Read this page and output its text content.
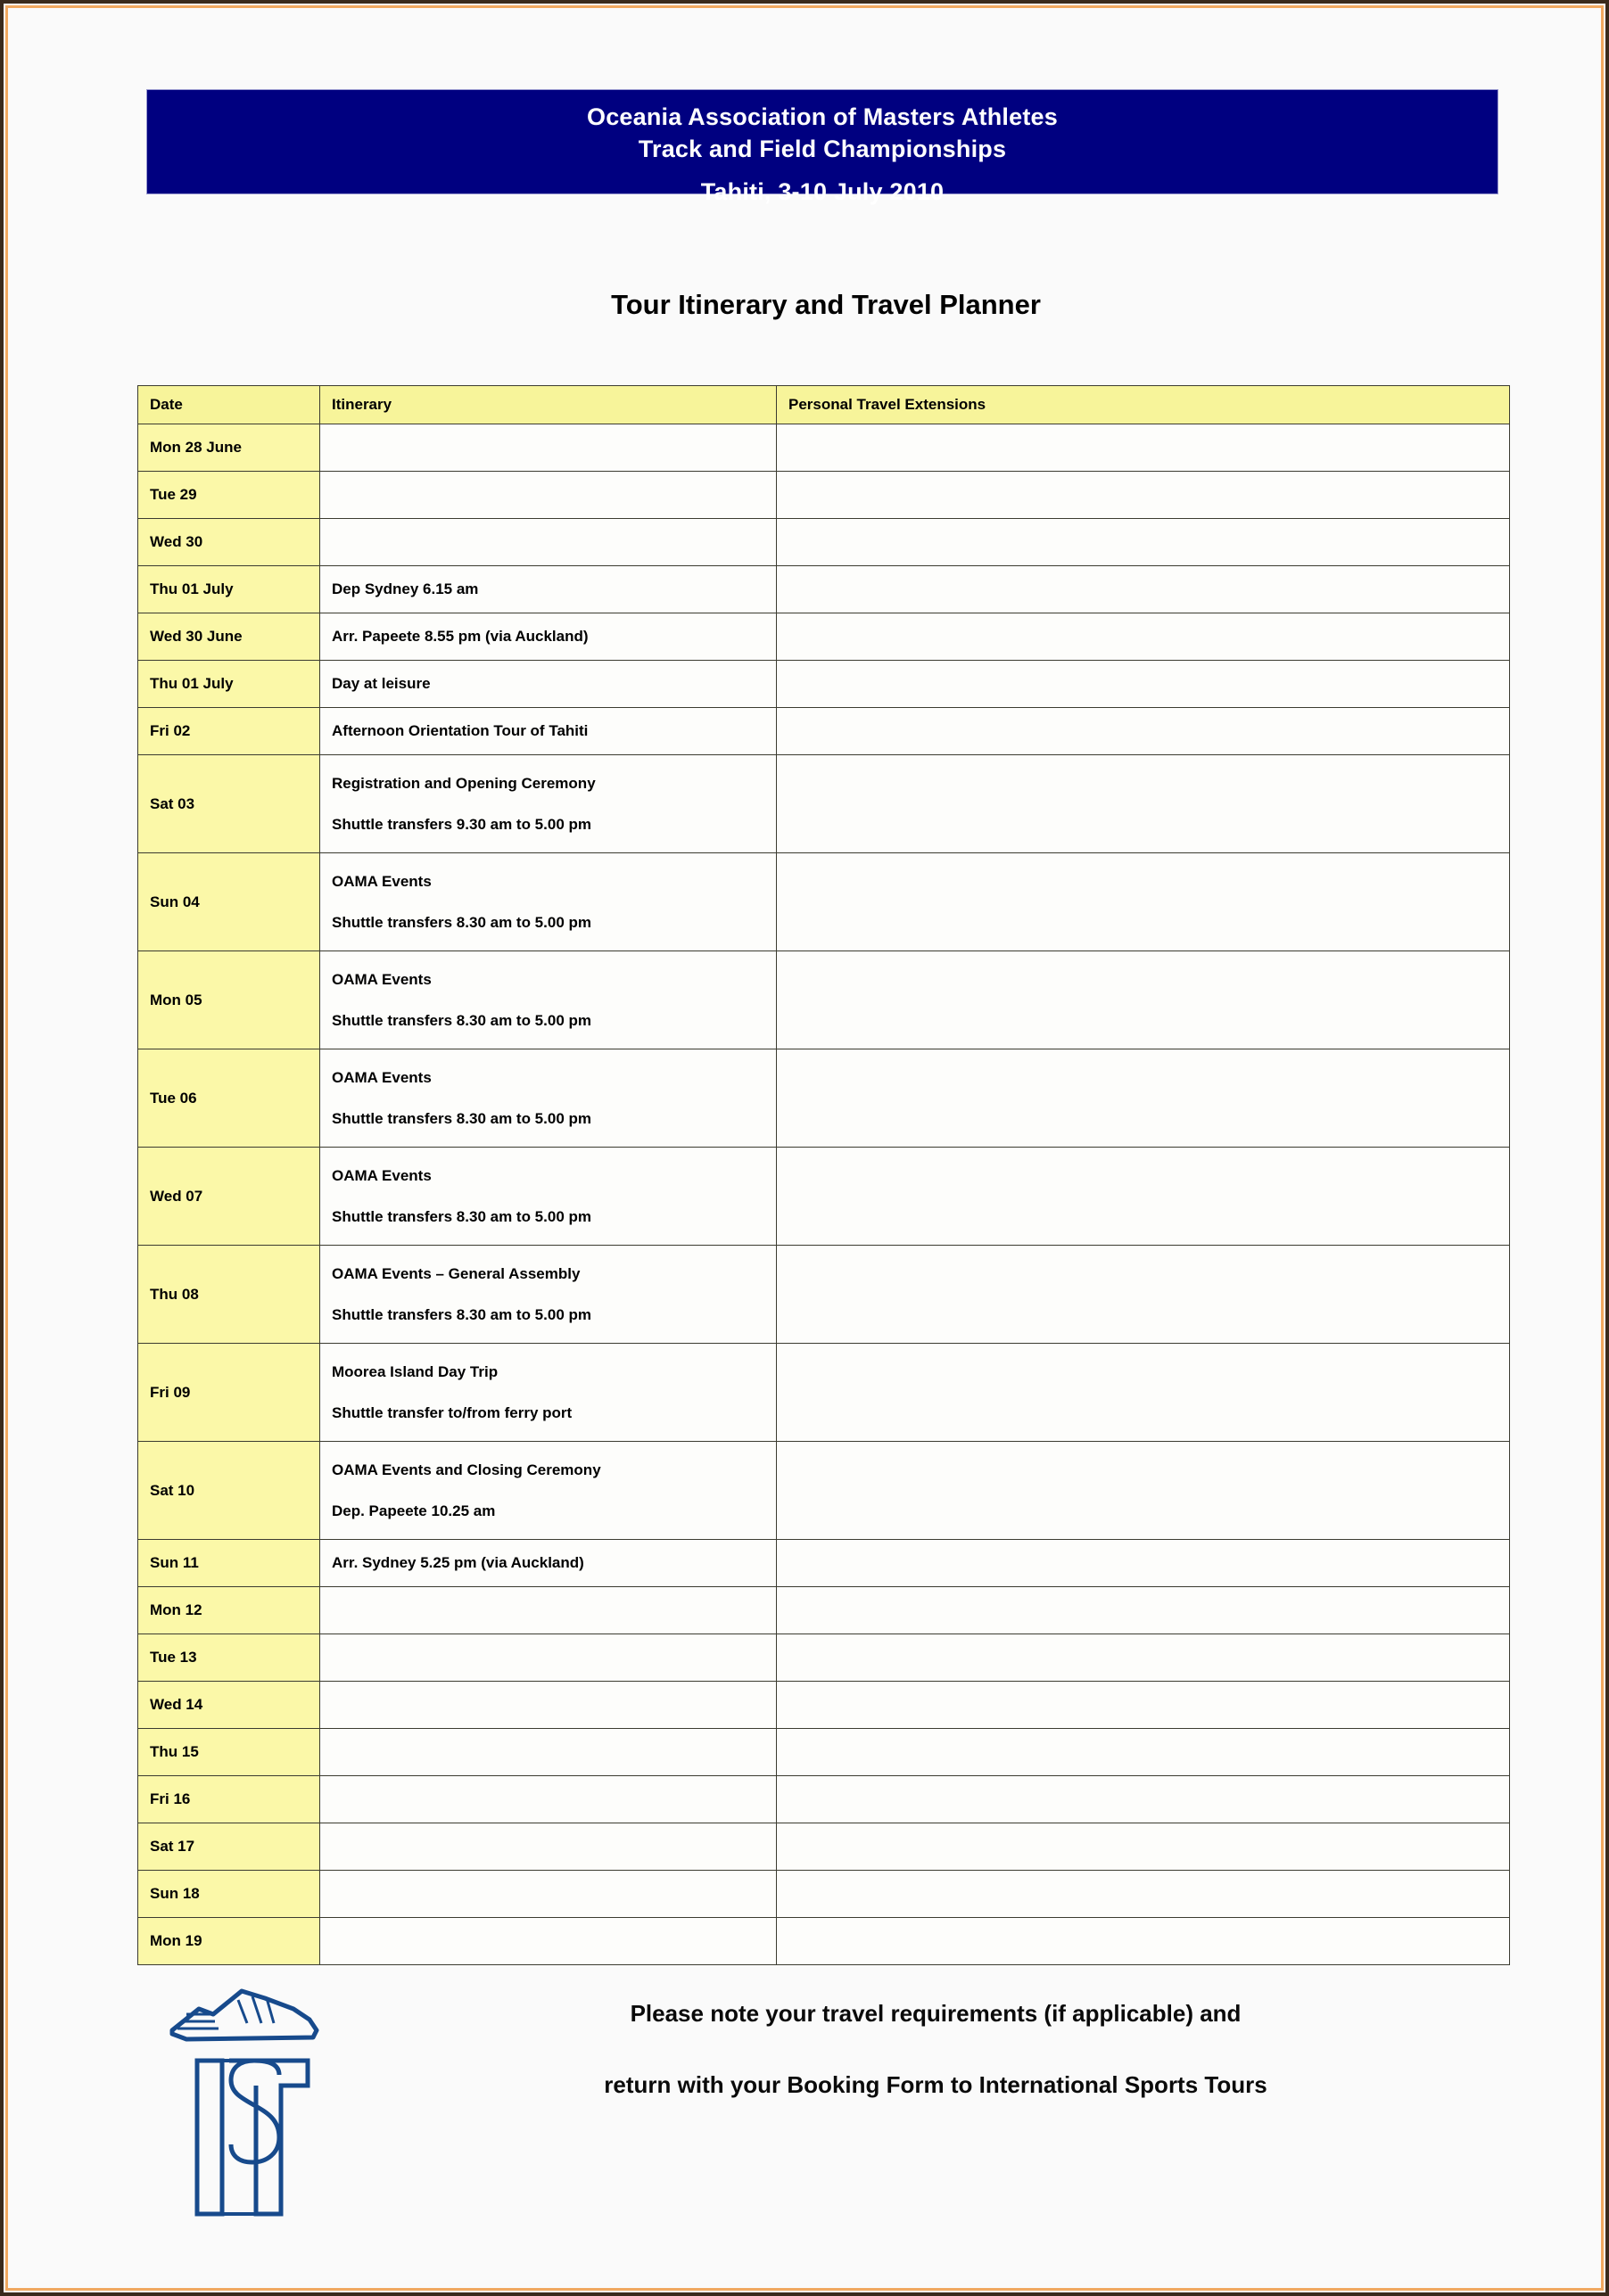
Oceania Association of Masters Athletes
Track and Field Championships
Tahiti, 3-10 July 2010
Tour Itinerary and Travel Planner
Date	Itinerary	Personal Travel Extensions
Mon 28 June	

Tue 29	

Wed 30	

Thu 01 July	Dep Sydney 6.15 am	

Wed 30 June	Arr. Papeete 8.55 pm (via Auckland)	

Thu 01 July	Day at leisure	

Fri 02	Afternoon Orientation Tour of Tahiti	

Sat 03	Registration and Opening Ceremony
Shuttle transfers 9.30 am to 5.00 pm	

Sun 04	OAMA Events
Shuttle transfers 8.30 am to 5.00 pm	

Mon 05	OAMA Events
Shuttle transfers 8.30 am to 5.00 pm	

Tue 06	OAMA Events
Shuttle transfers 8.30 am to 5.00 pm	

Wed 07	OAMA Events
Shuttle transfers 8.30 am to 5.00 pm	

Thu 08	OAMA Events – General Assembly
Shuttle transfers 8.30 am to 5.00 pm	

Fri 09	Moorea Island Day Trip
Shuttle transfer to/from ferry port	

Sat 10	OAMA Events and Closing Ceremony
Dep. Papeete 10.25 am	

Sun 11	Arr. Sydney 5.25 pm (via Auckland)	

Mon 12	

Tue 13	

Wed 14	

Thu 15	

Fri 16	

Sat 17	

Sun 18	

Mon 19	

Please note your travel requirements (if applicable) and
return with your Booking Form to International Sports Tours
